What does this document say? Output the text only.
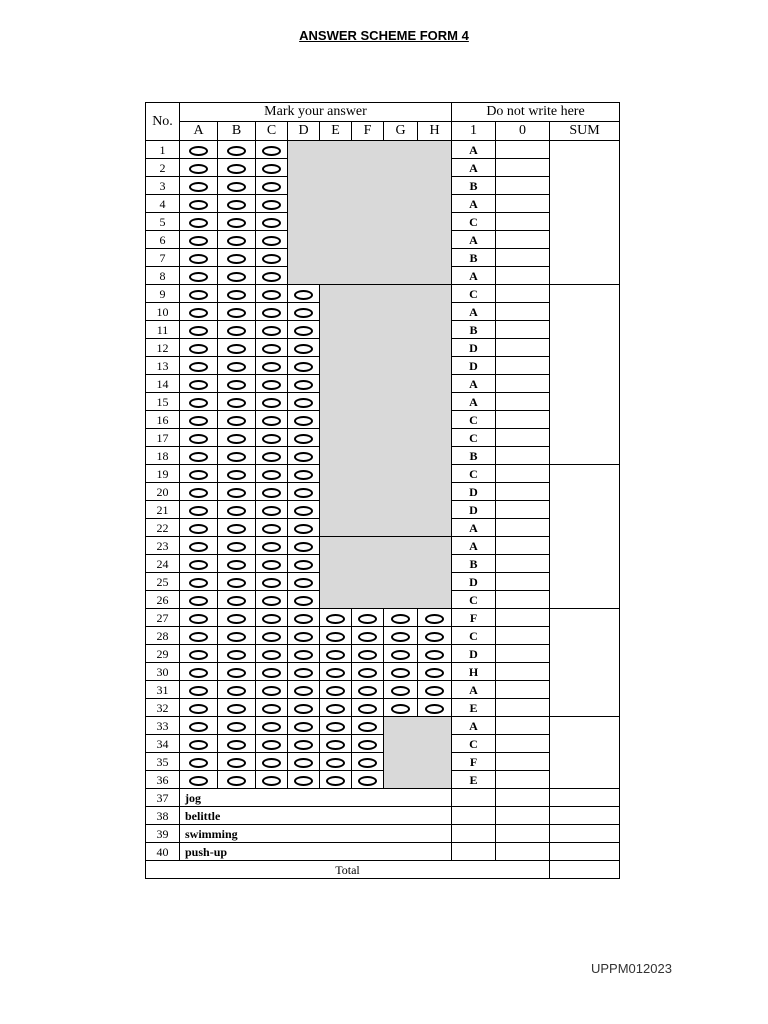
ANSWER SCHEME FORM 4
No.	Mark your answer								Do not write here		
	A	B	C	D	E	F	G	H	1	0	SUM
1									A		
2									A		
3									B		
4									A		
5									C		
6									A		
7									B		
8									A		
9									C		
10									A		
11									B		
12									D		
13									D		
14									A		
15									A		
16									C		
17									C		
18									B		
19									C		
20									D		
21									D		
22									A		
23									A		
24									B		
25									D		
26									C		
27									F		
28									C		
29									D		
30									H		
31									A		
32									E		
33									A		
34									C		
35									F		
36									E		
37	jog										
38	belittle										
39	swimming										
40	push-up										
Total											
UPPM012023
